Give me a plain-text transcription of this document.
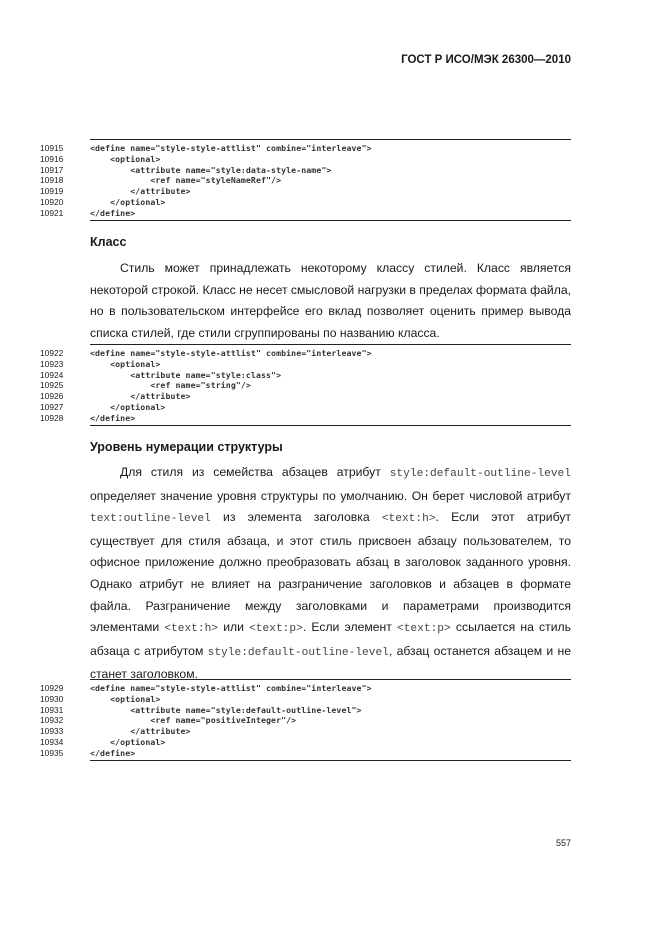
ГОСТ Р ИСО/МЭК 26300—2010
10915	<define name="style-style-attlist" combine="interleave">
10916	<optional>
10917	<attribute name="style:data-style-name">
10918	<ref name="styleNameRef"/>
10919	</attribute>
10920	</optional>
10921	</define>
Класс

Стиль может принадлежать некоторому классу стилей. Класс является некоторой строкой. Класс не несет смысловой нагрузки в пределах формата файла, но в пользовательском интерфейсе его вклад позволяет оценить пример вывода списка стилей, где стили сгруппированы по названию класса.

10922	<define name="style-style-attlist" combine="interleave">
10923	<optional>
10924	<attribute name="style:class">
10925	<ref name="string"/>
10926	</attribute>
10927	</optional>
10928	</define>
Уровень нумерации структуры

Для стиля из семейства абзацев атрибут style:default-outline-level определяет значение уровня структуры по умолчанию. Он берет числовой атрибут text:outline-level из элемента заголовка <text:h>. Если этот атрибут существует для стиля абзаца, и этот стиль присвоен абзацу пользователем, то офисное приложение должно преобразовать абзац в заголовок заданного уровня. Однако атрибут не влияет на разграничение заголовков и абзацев в формате файла. Разграничение между заголовками и параметрами производится элементами <text:h> или <text:p>. Если элемент <text:p> ссылается на стиль абзаца с атрибутом style:default-outline-level, абзац останется абзацем и не станет заголовком.

10929	<define name="style-style-attlist" combine="interleave">
10930	<optional>
10931	<attribute name="style:default-outline-level">
10932	<ref name="positiveInteger"/>
10933	</attribute>
10934	</optional>
10935	</define>
557
